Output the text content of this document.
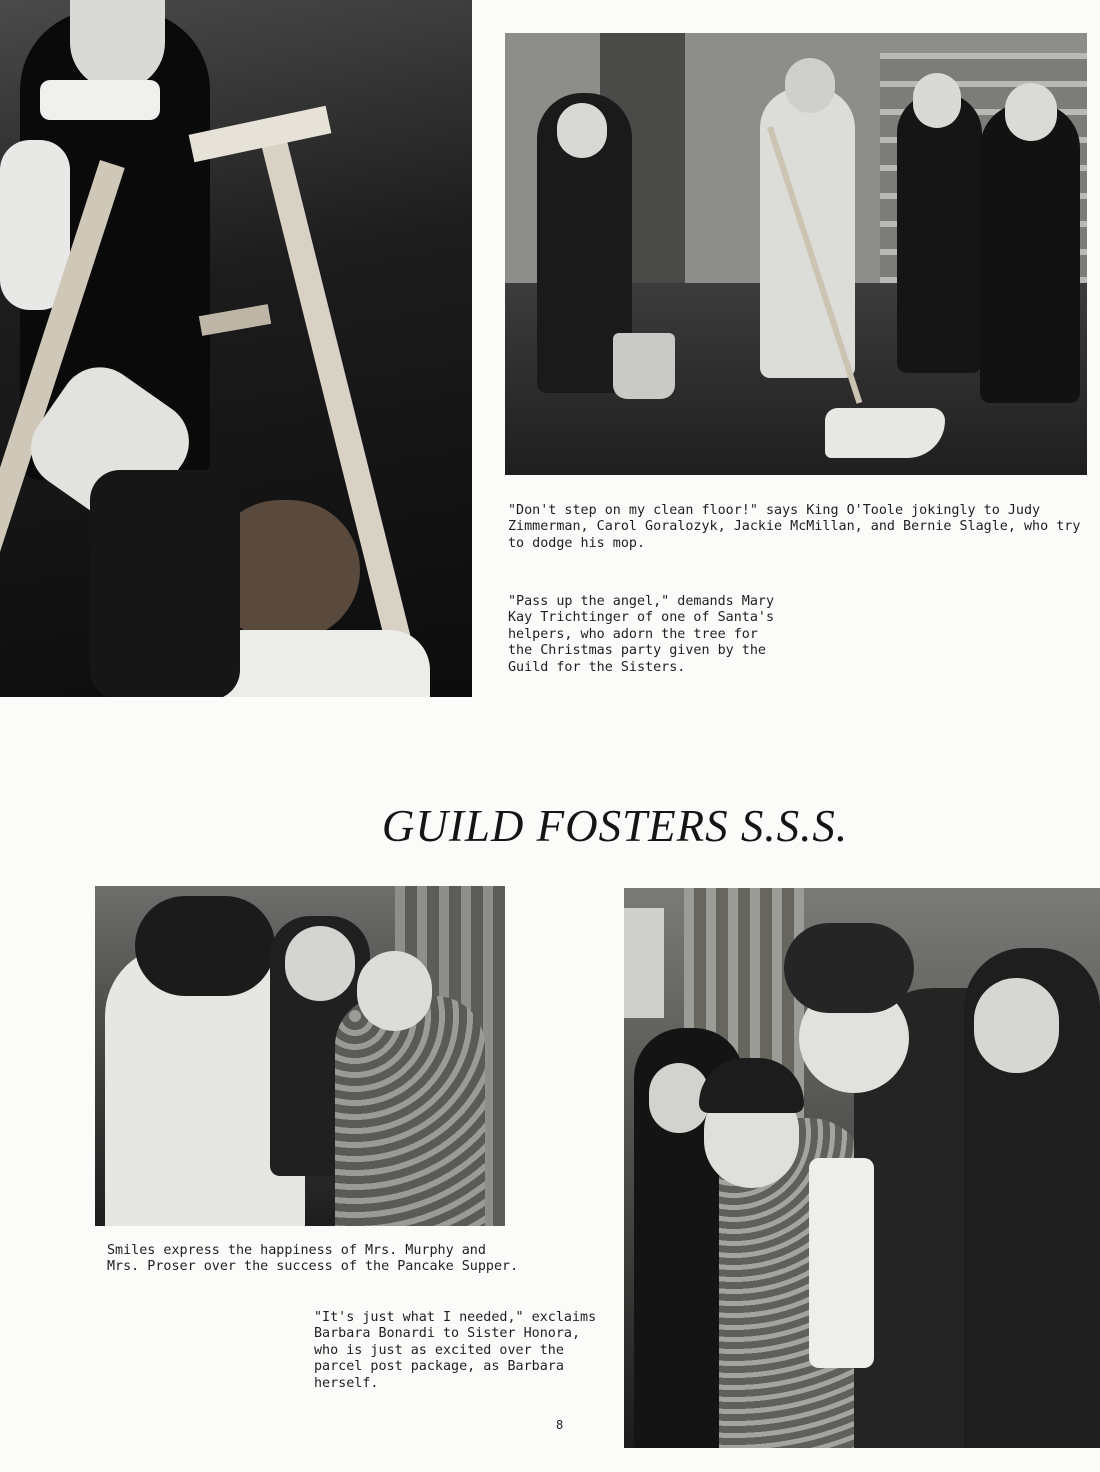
"Don't step on my clean floor!" says King O'Toole jokingly to Judy Zimmerman, Carol Goralozyk, Jackie McMillan, and Bernie Slagle, who try to dodge his mop.

"Pass up the angel," demands Mary Kay Trichtinger of one of Santa's helpers, who adorn the tree for the Christmas party given by the Guild for the Sisters.

GUILD FOSTERS S.S.S.

Smiles express the happiness of Mrs. Murphy and Mrs. Proser over the success of the Pancake Supper.

"It's just what I needed," exclaims Barbara Bonardi to Sister Honora, who is just as excited over the parcel post package, as Barbara herself.

8
